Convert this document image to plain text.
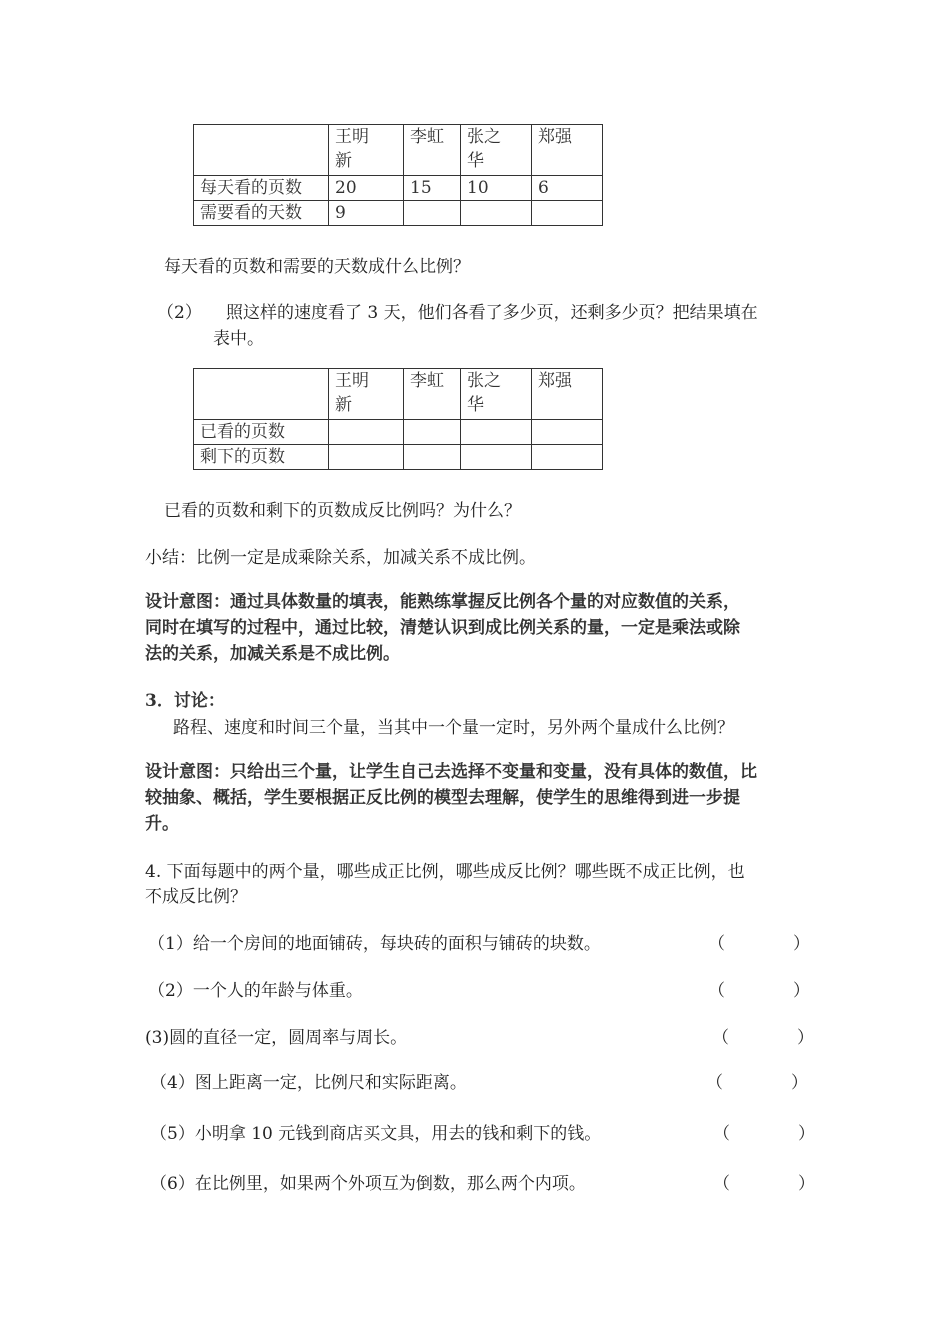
	王明新	李虹	张之华	郑强
每天看的页数	20	15	10	6
需要看的天数	9			
每天看的页数和需要的天数成什么比例？
（2） 照这样的速度看了 3 天，他们各看了多少页，还剩多少页？把结果填在
表中。

	王明新	李虹	张之华	郑强
已看的页数				
剩下的页数				
已看的页数和剩下的页数成反比例吗？为什么？
小结：比例一定是成乘除关系，加减关系不成比例。
设计意图：通过具体数量的填表，能熟练掌握反比例各个量的对应数值的关系，
同时在填写的过程中，通过比较，清楚认识到成比例关系的量，一定是乘法或除
法的关系，加减关系是不成比例。
3．讨论：
路程、速度和时间三个量，当其中一个量一定时，另外两个量成什么比例？
设计意图：只给出三个量，让学生自己去选择不变量和变量，没有具体的数值，比
较抽象、概括，学生要根据正反比例的模型去理解，使学生的思维得到进一步提
升。
4. 下面每题中的两个量，哪些成正比例，哪些成反比例？哪些既不成正比例，也
不成反比例？
（1）给一个房间的地面铺砖，每块砖的面积与铺砖的块数。	（　　　　）
（2）一个人的年龄与体重。	（　　　　）
(3)圆的直径一定，圆周率与周长。	（　　　　）
（4）图上距离一定，比例尺和实际距离。	（　　　　）
（5）小明拿 10 元钱到商店买文具，用去的钱和剩下的钱。	（　　　　）
（6）在比例里，如果两个外项互为倒数，那么两个内项。	（　　　　）
